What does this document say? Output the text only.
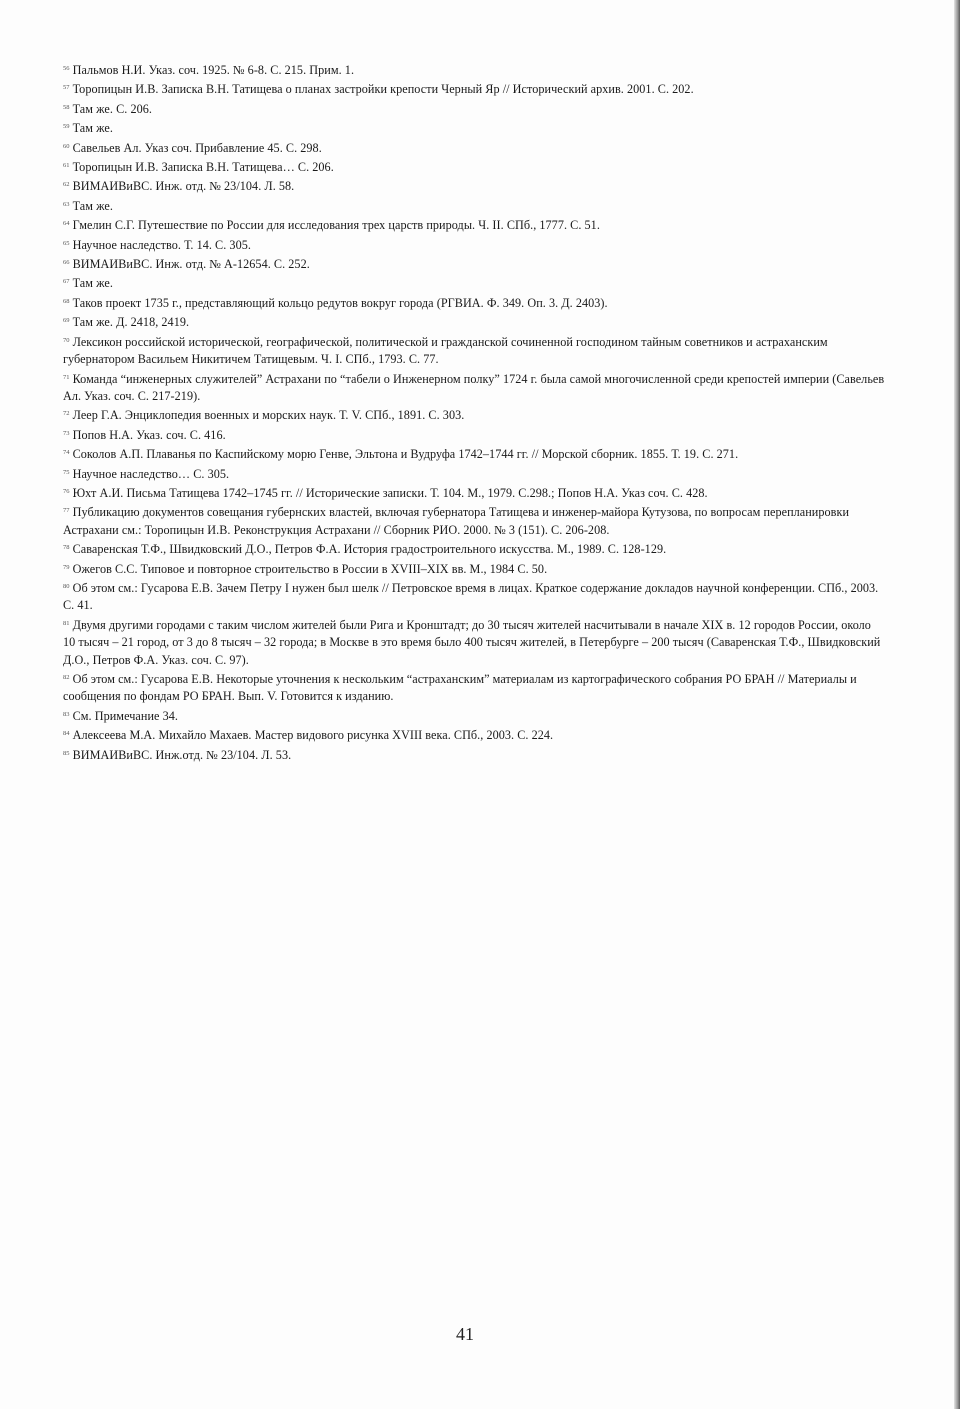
$^{56}$ Пальмов Н.И. Указ. соч. 1925. № 6-8. С. 215. Прим. 1.
$^{57}$ Торопицын И.В. Записка В.Н. Татищева о планах застройки крепости Черный Яр // Исторический архив. 2001. С. 202.
$^{58}$ Там же. С. 206.
$^{59}$ Там же.
$^{60}$ Савельев Ал. Указ соч. Прибавление 45. С. 298.
$^{61}$ Торопицын И.В. Записка В.Н. Татищева… С. 206.
$^{62}$ ВИМАИВиВС. Инж. отд. № 23/104. Л. 58.
$^{63}$ Там же.
$^{64}$ Гмелин С.Г. Путешествие по России для исследования трех царств природы. Ч. II. СПб., 1777. С. 51.
$^{65}$ Научное наследство. Т. 14. С. 305.
$^{66}$ ВИМАИВиВС. Инж. отд. № А-12654. С. 252.
$^{67}$ Там же.
$^{68}$ Таков проект 1735 г., представляющий кольцо редутов вокруг города (РГВИА. Ф. 349. Оп. 3. Д. 2403).
$^{69}$ Там же. Д. 2418, 2419.
$^{70}$ Лексикон российской исторической, географической, политической и гражданской сочиненной господином тайным советников и астраханским губернатором Васильем Никитичем Татищевым. Ч. I. СПб., 1793. С. 77.
$^{71}$ Команда “инженерных служителей” Астрахани по “табели о Инженерном полку” 1724 г. была самой многочисленной среди крепостей империи (Савельев Ал. Указ. соч. С. 217-219).
$^{72}$ Леер Г.А. Энциклопедия военных и морских наук. Т. V. СПб., 1891. С. 303.
$^{73}$ Попов Н.А. Указ. соч. С. 416.
$^{74}$ Соколов А.П. Плаванья по Каспийскому морю Генве, Эльтона и Вудруфа 1742–1744 гг. // Морской сборник. 1855. Т. 19. С. 271.
$^{75}$ Научное наследство… С. 305.
$^{76}$ Юхт А.И. Письма Татищева 1742–1745 гг. // Исторические записки. Т. 104. М., 1979. С.298.; Попов Н.А. Указ соч. С. 428.
$^{77}$ Публикацию документов совещания губернских властей, включая губернатора Татищева и инженер-майора Кутузова, по вопросам перепланировки Астрахани см.: Торопицын И.В. Реконструкция Астрахани // Сборник РИО. 2000. № 3 (151). С. 206-208.
$^{78}$ Саваренская Т.Ф., Швидковский Д.О., Петров Ф.А. История градостроительного искусства. М., 1989. С. 128-129.
$^{79}$ Ожегов С.С. Типовое и повторное строительство в России в XVIII–XIX вв. М., 1984 С. 50.
$^{80}$ Об этом см.: Гусарова Е.В. Зачем Петру I нужен был шелк // Петровское время в лицах. Краткое содержание докладов научной конференции. СПб., 2003. С. 41.
$^{81}$ Двумя другими городами с таким числом жителей были Рига и Кронштадт; до 30 тысяч жителей насчитывали в начале XIX в. 12 городов России, около 10 тысяч – 21 город, от 3 до 8 тысяч – 32 города; в Москве в это время было 400 тысяч жителей, в Петербурге – 200 тысяч (Саваренская Т.Ф., Швидковский Д.О., Петров Ф.А. Указ. соч. С. 97).
$^{82}$ Об этом см.: Гусарова Е.В. Некоторые уточнения к нескольким “астраханским” материалам из картографического собрания РО БРАН // Материалы и сообщения по фондам РО БРАН. Вып. V. Готовится к изданию.
$^{83}$ См. Примечание 34.
$^{84}$ Алексеева М.А. Михайло Махаев. Мастер видового рисунка XVIII века. СПб., 2003. С. 224.
$^{85}$ ВИМАИВиВС. Инж.отд. № 23/104. Л. 53.
41
